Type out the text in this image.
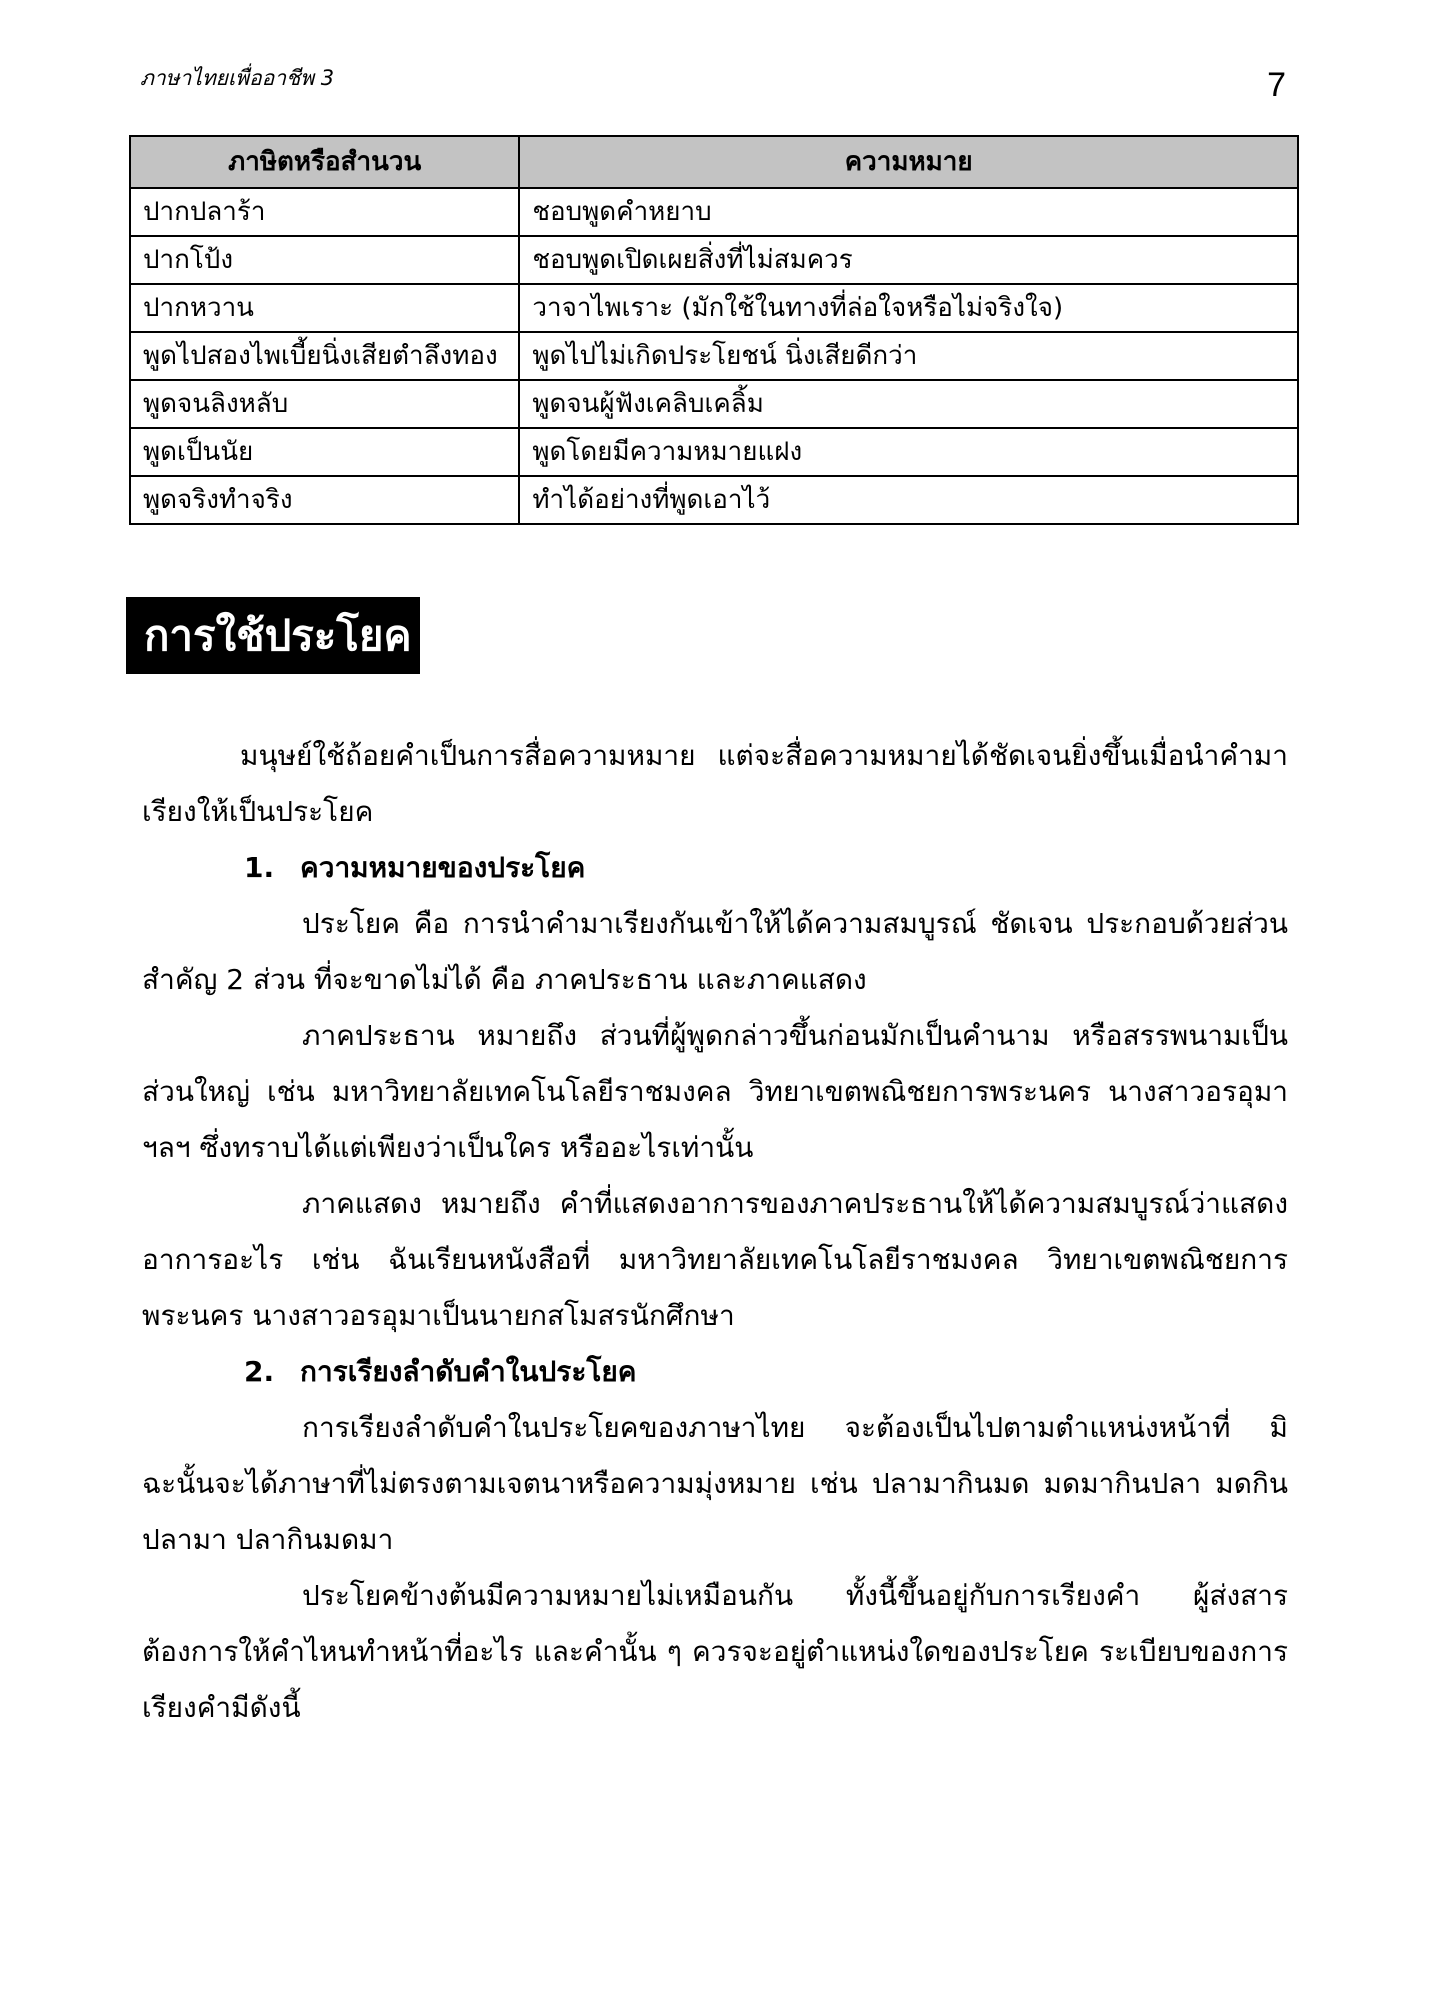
ภาษาไทยเพื่ออาชีพ 3	7
ภาษิตหรือสำนวน	ความหมาย
ปากปลาร้า	ชอบพูดคำหยาบ
ปากโป้ง	ชอบพูดเปิดเผยสิ่งที่ไม่สมควร
ปากหวาน	วาจาไพเราะ (มักใช้ในทางที่ล่อใจหรือไม่จริงใจ)
พูดไปสองไพเบี้ยนิ่งเสียตำลึงทอง	พูดไปไม่เกิดประโยชน์ นิ่งเสียดีกว่า
พูดจนลิงหลับ	พูดจนผู้ฟังเคลิบเคลิ้ม
พูดเป็นนัย	พูดโดยมีความหมายแฝง
พูดจริงทำจริง	ทำได้อย่างที่พูดเอาไว้
การใช้ประโยค

มนุษย์ใช้ถ้อยคำเป็นการสื่อความหมาย แต่จะสื่อความหมายได้ชัดเจนยิ่งขึ้นเมื่อนำคำมาเรียงให้เป็นประโยค

1. ความหมายของประโยค

ประโยค คือ การนำคำมาเรียงกันเข้าให้ได้ความสมบูรณ์ ชัดเจน ประกอบด้วยส่วนสำคัญ 2 ส่วน ที่จะขาดไม่ได้ คือ ภาคประธาน และภาคแสดง

ภาคประธาน หมายถึง ส่วนที่ผู้พูดกล่าวขึ้นก่อนมักเป็นคำนาม หรือสรรพนามเป็นส่วนใหญ่ เช่น มหาวิทยาลัยเทคโนโลยีราชมงคล วิทยาเขตพณิชยการพระนคร นางสาวอรอุมา ฯลฯ ซึ่งทราบได้แต่เพียงว่าเป็นใคร หรืออะไรเท่านั้น

ภาคแสดง หมายถึง คำที่แสดงอาการของภาคประธานให้ได้ความสมบูรณ์ว่าแสดงอาการอะไร เช่น ฉันเรียนหนังสือที่ มหาวิทยาลัยเทคโนโลยีราชมงคล วิทยาเขตพณิชยการพระนคร นางสาวอรอุมาเป็นนายกสโมสรนักศึกษา

2. การเรียงลำดับคำในประโยค

การเรียงลำดับคำในประโยคของภาษาไทย จะต้องเป็นไปตามตำแหน่งหน้าที่ มิฉะนั้นจะได้ภาษาที่ไม่ตรงตามเจตนาหรือความมุ่งหมาย เช่น ปลามากินมด มดมากินปลา มดกินปลามา ปลากินมดมา

ประโยคข้างต้นมีความหมายไม่เหมือนกัน ทั้งนี้ขึ้นอยู่กับการเรียงคำ ผู้ส่งสารต้องการให้คำไหนทำหน้าที่อะไร และคำนั้น ๆ ควรจะอยู่ตำแหน่งใดของประโยค ระเบียบของการเรียงคำมีดังนี้
